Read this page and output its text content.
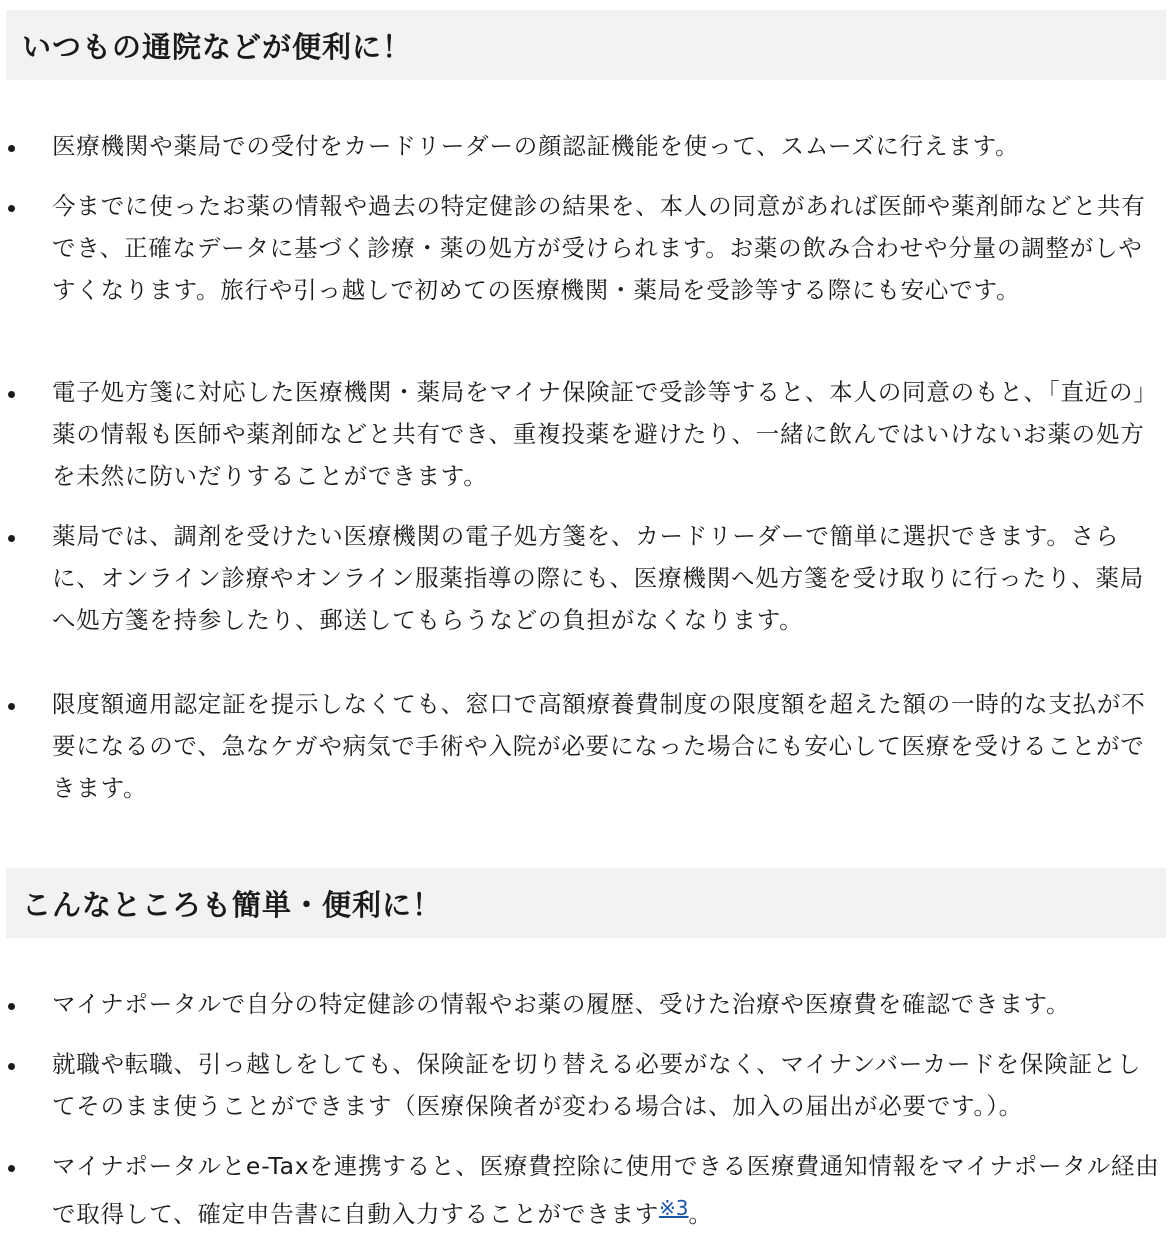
いつもの通院などが便利に！
医療機関や薬局での受付をカードリーダーの顔認証機能を使って、スムーズに行えます。
今までに使ったお薬の情報や過去の特定健診の結果を、本人の同意があれば医師や薬剤師などと共有でき、正確なデータに基づく診療・薬の処方が受けられます。お薬の飲み合わせや分量の調整がしやすくなります。旅行や引っ越しで初めての医療機関・薬局を受診等する際にも安心です。
電子処方箋に対応した医療機関・薬局をマイナ保険証で受診等すると、本人の同意のもと、「直近の」薬の情報も医師や薬剤師などと共有でき、重複投薬を避けたり、一緒に飲んではいけないお薬の処方を未然に防いだりすることができます。
薬局では、調剤を受けたい医療機関の電子処方箋を、カードリーダーで簡単に選択できます。さらに、オンライン診療やオンライン服薬指導の際にも、医療機関へ処方箋を受け取りに行ったり、薬局へ処方箋を持参したり、郵送してもらうなどの負担がなくなります。
限度額適用認定証を提示しなくても、窓口で高額療養費制度の限度額を超えた額の一時的な支払が不要になるので、急なケガや病気で手術や入院が必要になった場合にも安心して医療を受けることができます。
こんなところも簡単・便利に！
マイナポータルで自分の特定健診の情報やお薬の履歴、受けた治療や医療費を確認できます。
就職や転職、引っ越しをしても、保険証を切り替える必要がなく、マイナンバーカードを保険証としてそのまま使うことができます（医療保険者が変わる場合は、加入の届出が必要です。）。
マイナポータルとe-Taxを連携すると、医療費控除に使用できる医療費通知情報をマイナポータル経由で取得して、確定申告書に自動入力することができます※3。
